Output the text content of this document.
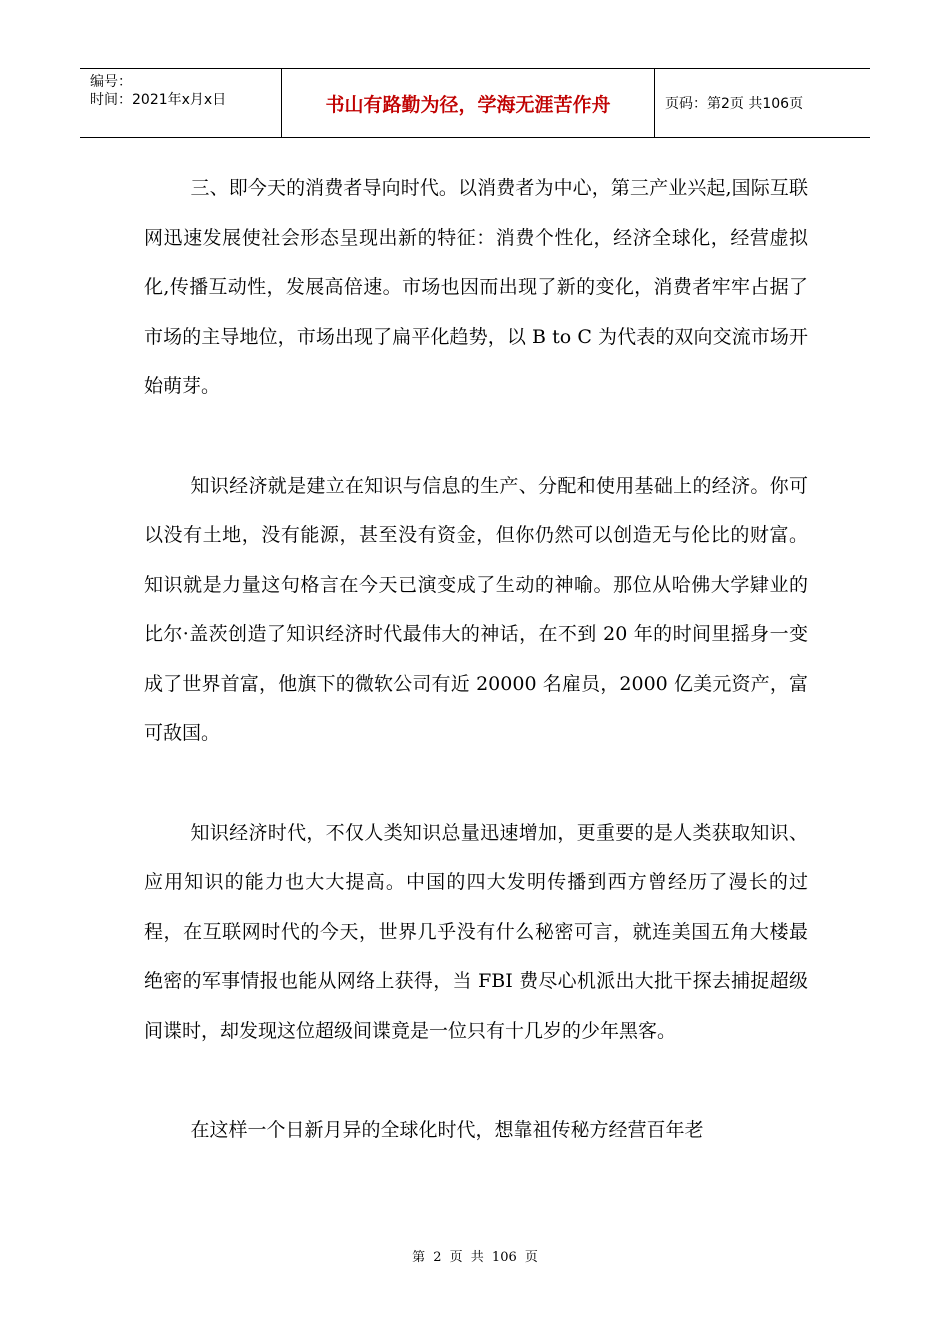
编号：
时间：2021年x月x日	书山有路勤为径，学海无涯苦作舟	页码：第2页 共106页

三、即今天的消费者导向时代。以消费者为中心，第三产业兴起,国际互联网迅速发展使社会形态呈现出新的特征：消费个性化，经济全球化，经营虚拟化,传播互动性，发展高倍速。市场也因而出现了新的变化，消费者牢牢占据了市场的主导地位，市场出现了扁平化趋势，以 B to C 为代表的双向交流市场开始萌芽。

知识经济就是建立在知识与信息的生产、分配和使用基础上的经济。你可以没有土地，没有能源，甚至没有资金，但你仍然可以创造无与伦比的财富。知识就是力量这句格言在今天已演变成了生动的神喻。那位从哈佛大学肄业的比尔·盖茨创造了知识经济时代最伟大的神话，在不到 20 年的时间里摇身一变成了世界首富，他旗下的微软公司有近 20000 名雇员，2000 亿美元资产，富可敌国。

知识经济时代，不仅人类知识总量迅速增加，更重要的是人类获取知识、应用知识的能力也大大提高。中国的四大发明传播到西方曾经历了漫长的过程，在互联网时代的今天，世界几乎没有什么秘密可言，就连美国五角大楼最绝密的军事情报也能从网络上获得，当 FBI 费尽心机派出大批干探去捕捉超级间谍时，却发现这位超级间谍竟是一位只有十几岁的少年黑客。

在这样一个日新月异的全球化时代，想靠祖传秘方经营百年老

第 2 页 共 106 页
